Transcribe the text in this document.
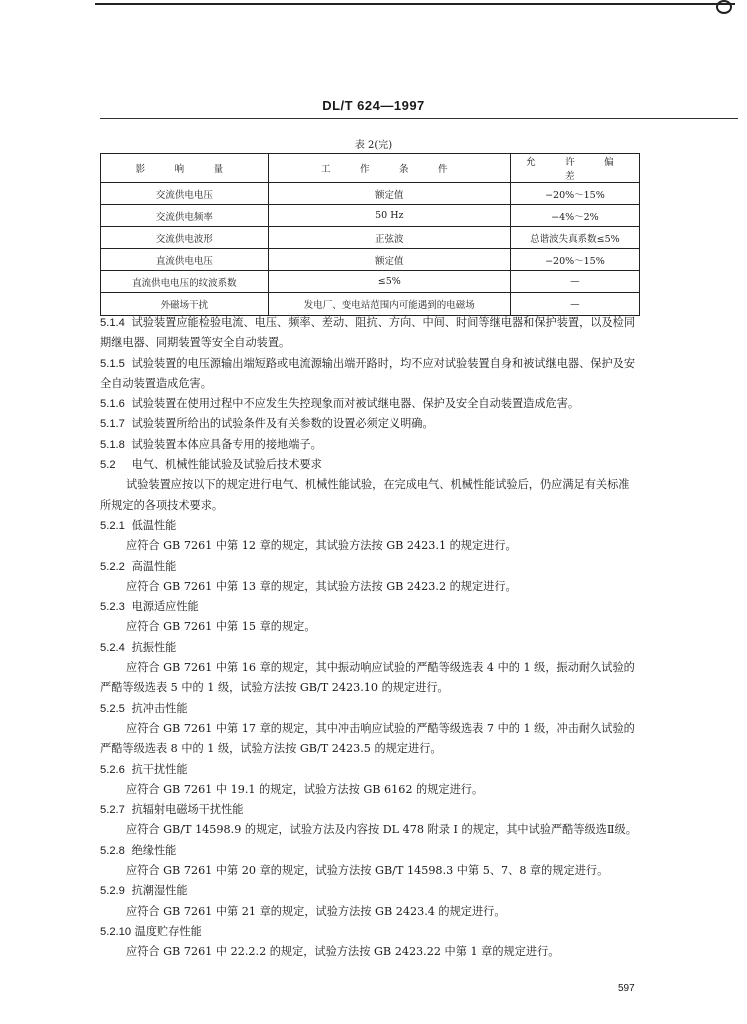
DL/T 624—1997
表 2(完)
影　响　量	工　作　条　件	允　许　偏　差
交流供电电压	额定值	−20%～15%
交流供电频率	50 Hz	−4%～2%
交流供电波形	正弦波	总谐波失真系数≤5%
直流供电电压	额定值	−20%～15%
直流供电电压的纹波系数	≤5%	—
外磁场干扰	发电厂、变电站范围内可能遇到的电磁场	—

5.1.4 试验装置应能检验电流、电压、频率、差动、阻抗、方向、中间、时间等继电器和保护装置，以及检同期继电器、同期装置等安全自动装置。

5.1.5 试验装置的电压源输出端短路或电流源输出端开路时，均不应对试验装置自身和被试继电器、保护及安全自动装置造成危害。

5.1.6 试验装置在使用过程中不应发生失控现象而对被试继电器、保护及安全自动装置造成危害。

5.1.7 试验装置所给出的试验条件及有关参数的设置必须定义明确。

5.1.8 试验装置本体应具备专用的接地端子。

5.2 电气、机械性能试验及试验后技术要求

试验装置应按以下的规定进行电气、机械性能试验，在完成电气、机械性能试验后，仍应满足有关标准所规定的各项技术要求。

5.2.1 低温性能

应符合 GB 7261 中第 12 章的规定，其试验方法按 GB 2423.1 的规定进行。

5.2.2 高温性能

应符合 GB 7261 中第 13 章的规定，其试验方法按 GB 2423.2 的规定进行。

5.2.3 电源适应性能

应符合 GB 7261 中第 15 章的规定。

5.2.4 抗振性能

应符合 GB 7261 中第 16 章的规定，其中振动响应试验的严酷等级选表 4 中的 1 级，振动耐久试验的严酷等级选表 5 中的 1 级，试验方法按 GB/T 2423.10 的规定进行。

5.2.5 抗冲击性能

应符合 GB 7261 中第 17 章的规定，其中冲击响应试验的严酷等级选表 7 中的 1 级，冲击耐久试验的严酷等级选表 8 中的 1 级，试验方法按 GB/T 2423.5 的规定进行。

5.2.6 抗干扰性能

应符合 GB 7261 中 19.1 的规定，试验方法按 GB 6162 的规定进行。

5.2.7 抗辐射电磁场干扰性能

应符合 GB/T 14598.9 的规定，试验方法及内容按 DL 478 附录 I 的规定，其中试验严酷等级选Ⅱ级。

5.2.8 绝缘性能

应符合 GB 7261 中第 20 章的规定，试验方法按 GB/T 14598.3 中第 5、7、8 章的规定进行。

5.2.9 抗潮湿性能

应符合 GB 7261 中第 21 章的规定，试验方法按 GB 2423.4 的规定进行。

5.2.10 温度贮存性能

应符合 GB 7261 中 22.2.2 的规定，试验方法按 GB 2423.22 中第 1 章的规定进行。

597
